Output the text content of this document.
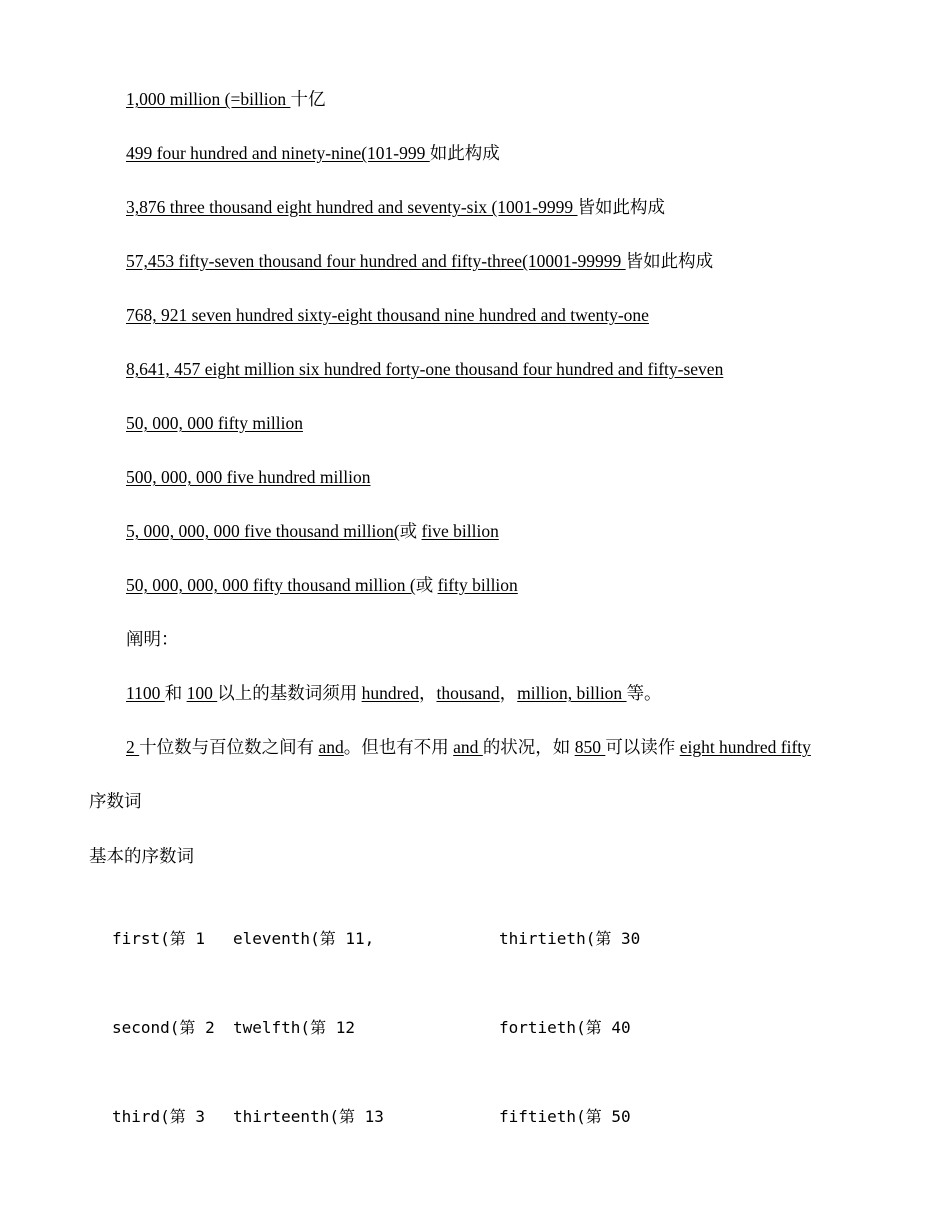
1,000 million (=billion 十亿
499 four hundred and ninety-nine(101-999 如此构成
3,876 three thousand eight hundred and seventy-six (1001-9999 皆如此构成
57,453 fifty-seven thousand four hundred and fifty-three(10001-99999 皆如此构成
768, 921 seven hundred sixty-eight thousand nine hundred and twenty-one
8,641, 457 eight million six hundred forty-one thousand four hundred and fifty-seven
50, 000, 000 fifty million
500, 000, 000 five hundred million
5, 000, 000, 000 five thousand million(或 five billion
50, 000, 000, 000 fifty thousand million (或 fifty billion
阐明：
1100 和 100 以上的基数词须用 hundred，thousand，million, billion 等。
2 十位数与百位数之间有 and。但也有不用 and 的状况，如 850 可以读作 eight hundred fifty
序数词
基本的序数词
first(第 1 eleventh(第 11,	thirtieth(第 30
second(第 2 twelfth(第 12	fortieth(第 40
third(第 3 thirteenth(第 13	fiftieth(第 50
